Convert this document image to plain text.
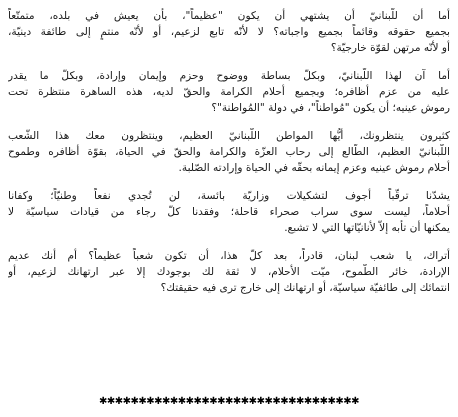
أما أن للّبنانيّ أن يشتهي أن يكون "عظيماً"، بأن يعيش في بلده، متمتّعاً
بجميع حقوقه وقائماً بجميع واجباته؟ لا لأنّه تابع لزعيم، أو لأنّه منتمٍ إلى طائفة دينيّة،
أو لأنّه مرتهن لقوّة خارجيّة؟
أما آن لهذا اللّبنانيّ، وبكلّ بساطة ووضوح وحزم وإيمان وإرادة، وبكلّ ما يقدر
عليه من عزم أظافره؛ وبجميع أحلام الكرامة والحقّ لديه، هذه الساهرة منتظرة تحت
رموش عينيه؛ أن يكون "مُواطناً"، في دولة "المُواطنة"؟
كثيرون ينتظرونك، أيُّها المواطن اللّبنانيّ العظيم، وينتظرون معك هذا الشّعب
اللّبنانيّ العظيم، الطّالع إلى رحاب العزّة والكرامة والحقّ في الحياة، بقوّة أظافره وطموح
أحلام رموش عينيه وعزم إيمانه بحقّه في الحياة وإرادته الصّلبة.
يشدّنا ترقّباً أجوف لتشكيلات وزاريّة بائسة، لن تُجدي نفعاً وطنيّاً؛ وكفانا
أحلاماً، ليست سوى سراب صحراء قاحلة؛ وفقدنا كلّ رجاء من قيادات سياسيّة لا
يمكنها أن تأبه إلاّ لأنانيّاتها التي لا تشبع.
أتراك، يا شعب لبنان، قادراً، بعد كلّ هذا، أن تكون شعباً عظيماً؟ أم أنك عديم
الإرادة، خائر الطّموح، ميّت الأحلام، لا ثقة لك بوجودك إلا عبر ارتهانك لزعيم، أو
انتمائك إلى طائفيّة سياسيّة، أو ارتهانك إلى خارج ترى فيه حقيقتك؟
✱✱✱✱✱✱✱✱✱✱✱✱✱✱✱✱✱✱✱✱✱✱✱✱✱✱✱✱✱✱✱✱✱
